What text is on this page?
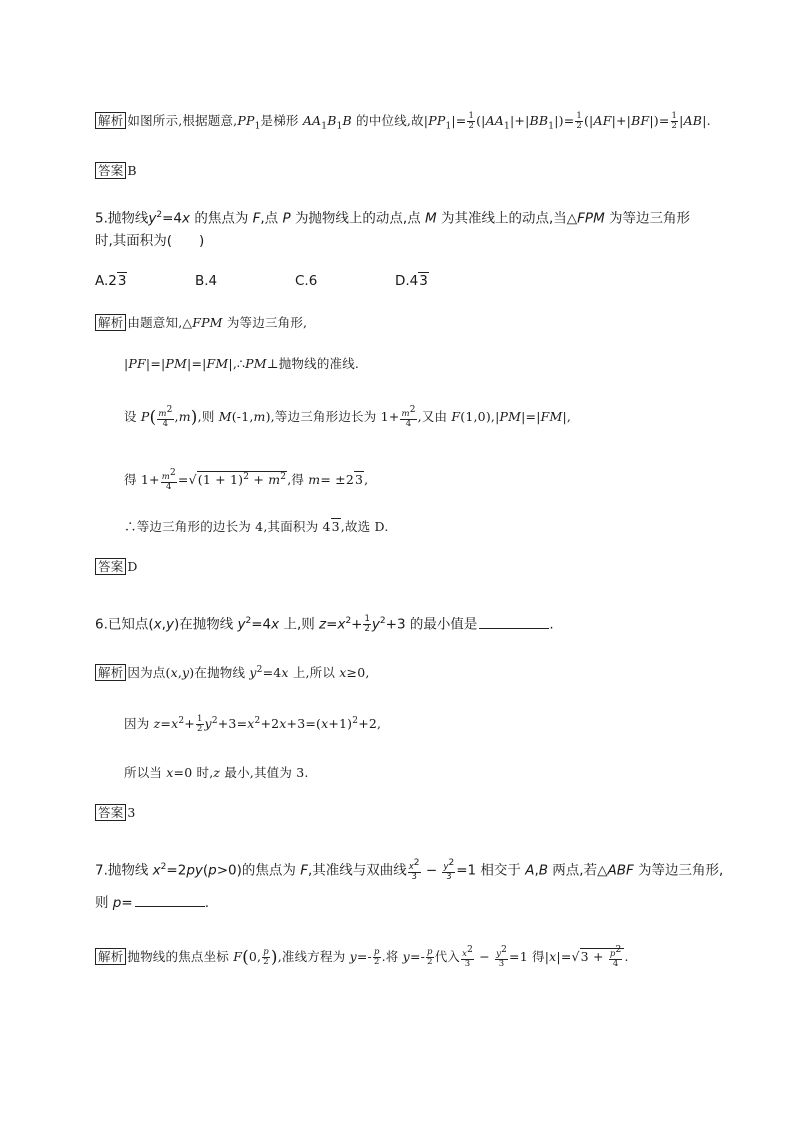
解析 如图所示,根据题意$,PP_1$是梯形 $AA_1B_1B$ 的中位线,故$|PP_1|= \frac{1}{2} (|AA_1|+|BB_1|)= \frac{1}{2} (|AF|+|BF|)= \frac{1}{2} |AB|$.
答案 B
5.抛物线$y^2=4x$ 的焦点为 F,点 P 为抛物线上的动点,点 M 为其准线上的动点,当△FPM 为等边三角形
时,其面积为(　　)
A.23	B.4	C.6	D.43
解析 由题意知,△FPM 为等边三角形,
|PF|=|PM|=|FM|,∴PM⊥抛物线的准线.
设 $P( \frac{m^2}{4} ,m)$,则 M(-1,m),等边三角形边长为 $1+ \frac{m^2}{4}$ ,又由 F(1,0),|PM|=|FM|,
得 $1+ \frac{m^2}{4} =√(1 + 1)^2 + m^2$,得 m= ±23,
∴等边三角形的边长为 4,其面积为 43,故选 D.
答案 D
6.已知点(x,y)在抛物线 $y^2=4x$ 上,则 $z=x^2+ \frac{1}{2} y^2+3$ 的最小值是	.
解析 因为点(x,y)在抛物线 $y^2=4x$ 上,所以 x≥0,
因为 $z=x^2+ \frac{1}{2} y^2+3=x^2+2x+3=(x+1)^2+2$,
所以当 x=0 时,z 最小,其值为 3.
答案 3
7.抛物线 $x^2=2py(p>0)$的焦点为 F,其准线与双曲线 $\frac{x^2}{3} - \frac{y^2}{3} =1$ 相交于 A,B 两点,若△ABF 为等边三角形,
则 p=	.
解析 抛物线的焦点坐标 F(0, $\frac{p}{2}$ ),准线方程为 $y=- \frac{p}{2}$ .将 $y=- \frac{p}{2}$ 代入 $\frac{x^2}{3} - \frac{y^2}{3} =1$ 得$|x|=√3 + \frac{p^2}{4}$ .
